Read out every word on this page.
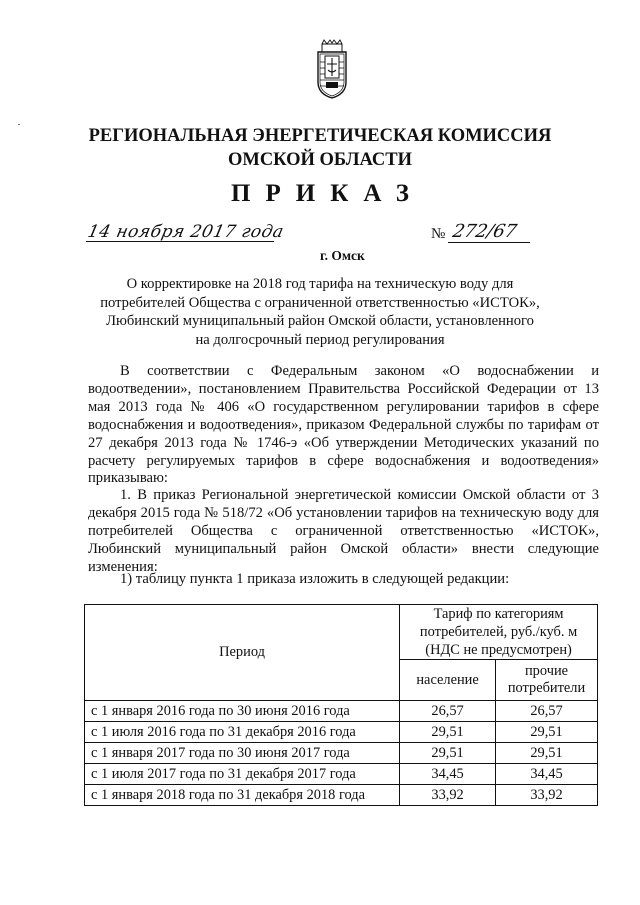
РЕГИОНАЛЬНАЯ ЭНЕРГЕТИЧЕСКАЯ КОМИССИЯ
ОМСКОЙ ОБЛАСТИ
ПРИКАЗ
14 ноября 2017 года
г. Омск
№ 272/67
О корректировке на 2018 год тарифа на техническую воду для
потребителей Общества с ограниченной ответственностью «ИСТОК»,
Любинский муниципальный район Омской области, установленного
на долгосрочный период регулирования
В соответствии с Федеральным законом «О водоснабжении и водоотведении», постановлением Правительства Российской Федерации от 13 мая 2013 года № 406 «О государственном регулировании тарифов в сфере водоснабжения и водоотведения», приказом Федеральной службы по тарифам от 27 декабря 2013 года № 1746-э «Об утверждении Методических указаний по расчету регулируемых тарифов в сфере водоснабжения и водоотведения» приказываю:
1. В приказ Региональной энергетической комиссии Омской области от 3 декабря 2015 года № 518/72 «Об установлении тарифов на техническую воду для потребителей Общества с ограниченной ответственностью «ИСТОК», Любинский муниципальный район Омской области» внести следующие изменения:
1) таблицу пункта 1 приказа изложить в следующей редакции:
Период	Тариф по категориям потребителей, руб./куб. м (НДС не предусмотрен)	
	население	прочие потребители
с 1 января 2016 года по 30 июня 2016 года	26,57	26,57
с 1 июля 2016 года по 31 декабря 2016 года	29,51	29,51
с 1 января 2017 года по 30 июня 2017 года	29,51	29,51
с 1 июля 2017 года по 31 декабря 2017 года	34,45	34,45
с 1 января 2018 года по 31 декабря 2018 года	33,92	33,92
